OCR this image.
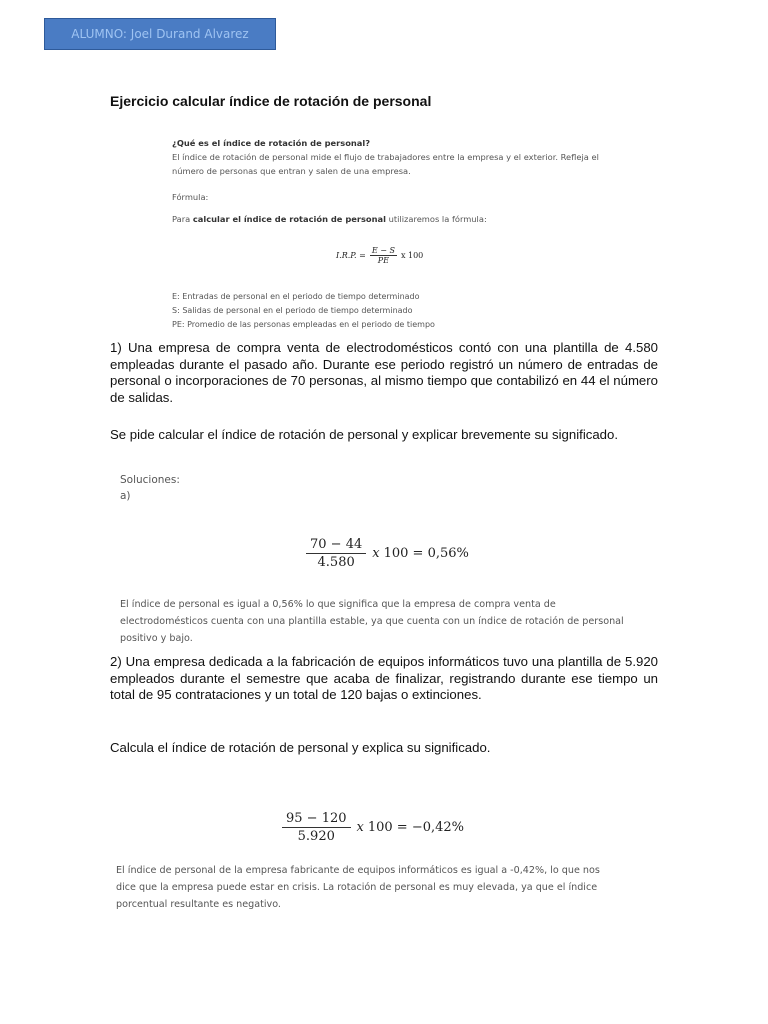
ALUMNO: Joel Durand Alvarez
Ejercicio calcular índice de rotación de personal

¿Qué es el índice de rotación de personal?

El índice de rotación de personal mide el flujo de trabajadores entre la empresa y el exterior. Refleja el

número de personas que entran y salen de una empresa.

Fórmula:

Para calcular el índice de rotación de personal utilizaremos la fórmula:

I.R.P. = $\frac{E - S}{PE}$ x 100

E: Entradas de personal en el periodo de tiempo determinado

S: Salidas de personal en el periodo de tiempo determinado

PE: Promedio de las personas empleadas en el periodo de tiempo

1) Una empresa de compra venta de electrodomésticos contó con una plantilla de 4.580 empleadas durante el pasado año. Durante ese periodo registró un número de entradas de personal o incorporaciones de 70 personas, al mismo tiempo que contabilizó en 44 el número de salidas.

Se pide calcular el índice de rotación de personal y explicar brevemente su significado.

Soluciones:

a)

$\frac{70 - 44}{4.580}$ x 100 = 0,56%

El índice de personal es igual a 0,56% lo que significa que la empresa de compra venta de

electrodomésticos cuenta con una plantilla estable, ya que cuenta con un índice de rotación de personal

positivo y bajo.

2) Una empresa dedicada a la fabricación de equipos informáticos tuvo una plantilla de 5.920 empleados durante el semestre que acaba de finalizar, registrando durante ese tiempo un total de 95 contrataciones y un total de 120 bajas o extinciones.

Calcula el índice de rotación de personal y explica su significado.

$\frac{95 - 120}{5.920}$ x 100 = −0,42%

El índice de personal de la empresa fabricante de equipos informáticos es igual a -0,42%, lo que nos

dice que la empresa puede estar en crisis. La rotación de personal es muy elevada, ya que el índice

porcentual resultante es negativo.
